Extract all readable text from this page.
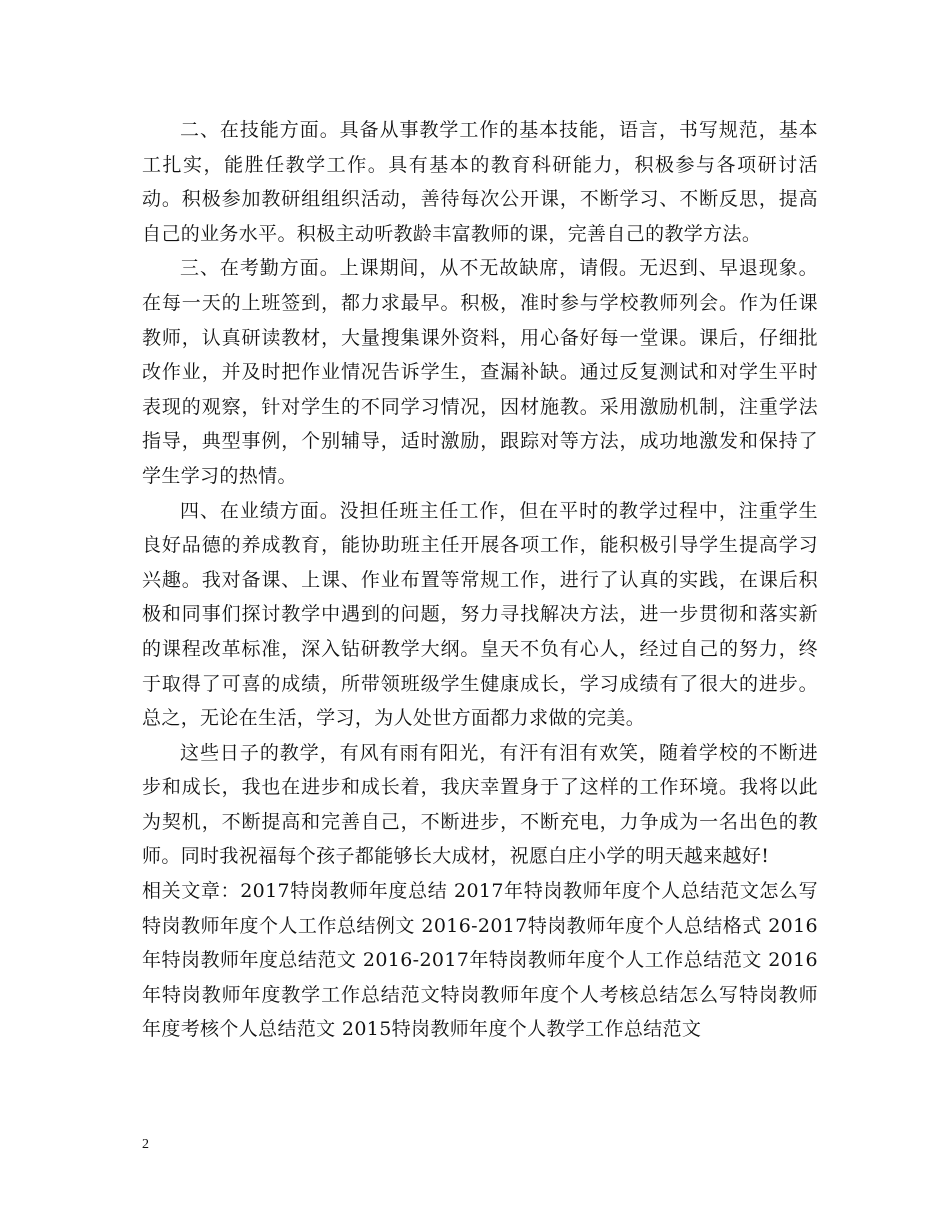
二、在技能方面。具备从事教学工作的基本技能，语言，书写规范，基本工扎实，能胜任教学工作。具有基本的教育科研能力，积极参与各项研讨活动。积极参加教研组组织活动，善待每次公开课，不断学习、不断反思，提高自己的业务水平。积极主动听教龄丰富教师的课，完善自己的教学方法。

三、在考勤方面。上课期间，从不无故缺席，请假。无迟到、早退现象。在每一天的上班签到，都力求最早。积极，准时参与学校教师列会。作为任课教师，认真研读教材，大量搜集课外资料，用心备好每一堂课。课后，仔细批改作业，并及时把作业情况告诉学生，查漏补缺。通过反复测试和对学生平时表现的观察，针对学生的不同学习情况，因材施教。采用激励机制，注重学法指导，典型事例，个别辅导，适时激励，跟踪对等方法，成功地激发和保持了学生学习的热情。

四、在业绩方面。没担任班主任工作，但在平时的教学过程中，注重学生良好品德的养成教育，能协助班主任开展各项工作，能积极引导学生提高学习兴趣。我对备课、上课、作业布置等常规工作，进行了认真的实践，在课后积极和同事们探讨教学中遇到的问题，努力寻找解决方法，进一步贯彻和落实新的课程改革标准，深入钻研教学大纲。皇天不负有心人，经过自己的努力，终于取得了可喜的成绩，所带领班级学生健康成长，学习成绩有了很大的进步。总之，无论在生活，学习，为人处世方面都力求做的完美。

这些日子的教学，有风有雨有阳光，有汗有泪有欢笑，随着学校的不断进步和成长，我也在进步和成长着，我庆幸置身于了这样的工作环境。我将以此为契机，不断提高和完善自己，不断进步，不断充电，力争成为一名出色的教师。同时我祝福每个孩子都能够长大成材，祝愿白庄小学的明天越来越好!

相关文章：2017特岗教师年度总结 2017年特岗教师年度个人总结范文怎么写特岗教师年度个人工作总结例文 2016-2017特岗教师年度个人总结格式 2016年特岗教师年度总结范文 2016-2017年特岗教师年度个人工作总结范文 2016年特岗教师年度教学工作总结范文特岗教师年度个人考核总结怎么写特岗教师年度考核个人总结范文 2015特岗教师年度个人教学工作总结范文

2
